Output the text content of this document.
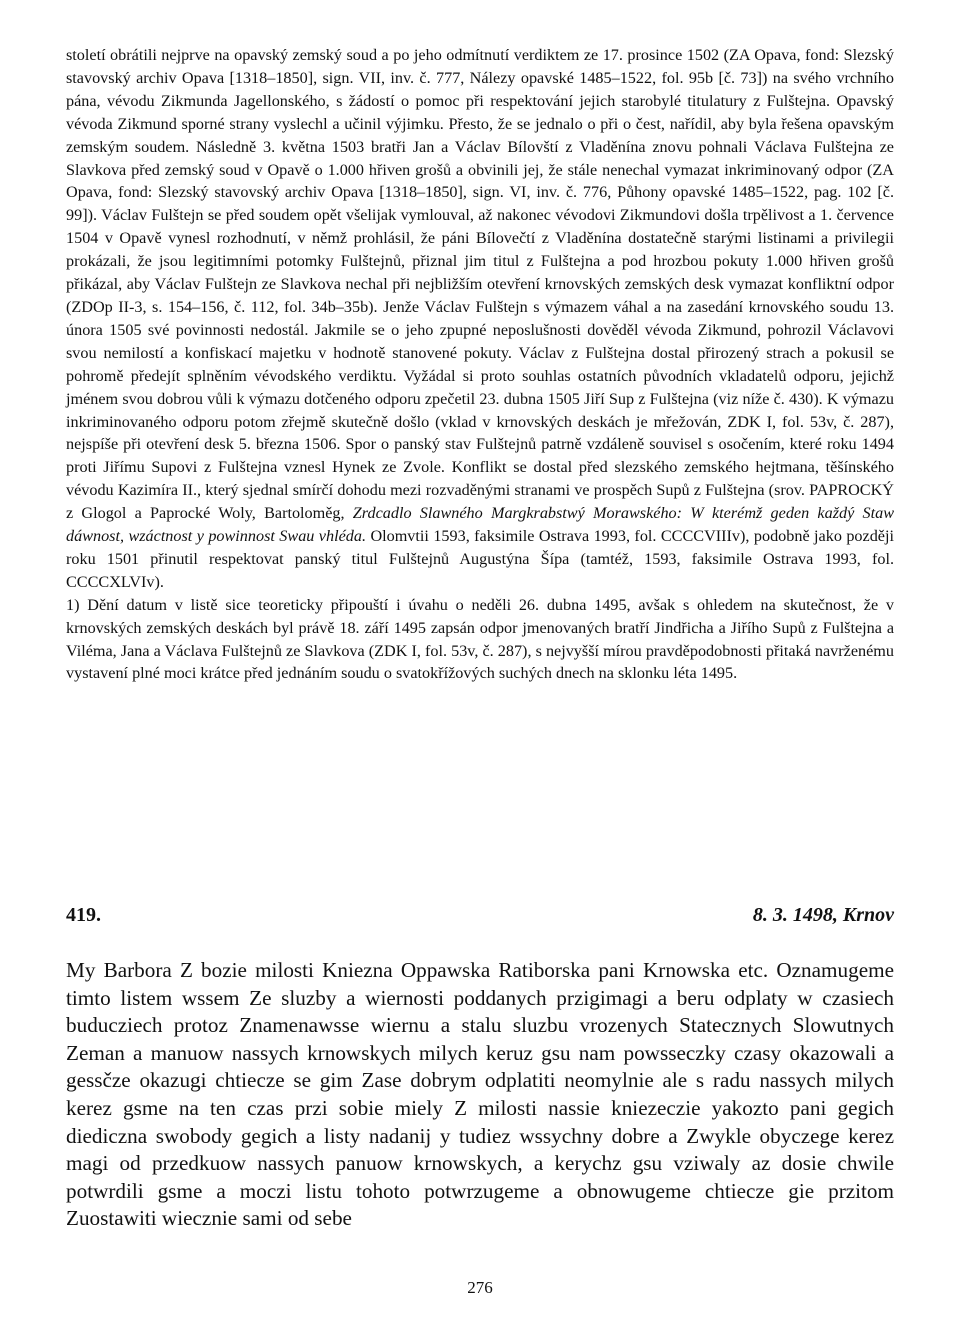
století obrátili nejprve na opavský zemský soud a po jeho odmítnutí verdiktem ze 17. prosince 1502 (ZA Opava, fond: Slezský stavovský archiv Opava [1318–1850], sign. VII, inv. č. 777, Nálezy opavské 1485–1522, fol. 95b [č. 73]) na svého vrchního pána, vévodu Zikmunda Jagellonského, s žádostí o pomoc při respektování jejich starobylé titulatury z Fulštejna. Opavský vévoda Zikmund sporné strany vyslechl a učinil výjimku. Přesto, že se jednalo o při o čest, nařídil, aby byla řešena opavským zemským soudem. Následně 3. května 1503 bratři Jan a Václav Bílovští z Vladěnína znovu pohnali Václava Fulštejna ze Slavkova před zemský soud v Opavě o 1.000 hřiven grošů a obvinili jej, že stále nenechal vymazat inkriminovaný odpor (ZA Opava, fond: Slezský stavovský archiv Opava [1318–1850], sign. VI, inv. č. 776, Půhony opavské 1485–1522, pag. 102 [č. 99]). Václav Fulštejn se před soudem opět všelijak vymlouval, až nakonec vévodovi Zikmundovi došla trpělivost a 1. července 1504 v Opavě vynesl rozhodnutí, v němž prohlásil, že páni Bílovečtí z Vladěnína dostatečně starými listinami a privilegii prokázali, že jsou legitimními potomky Fulštejnů, přiznal jim titul z Fulštejna a pod hrozbou pokuty 1.000 hřiven grošů přikázal, aby Václav Fulštejn ze Slavkova nechal při nejbližším otevření krnovských zemských desk vymazat konfliktní odpor (ZDOp II-3, s. 154–156, č. 112, fol. 34b–35b). Jenže Václav Fulštejn s výmazem váhal a na zasedání krnovského soudu 13. února 1505 své povinnosti nedostál. Jakmile se o jeho zpupné neposlušnosti dověděl vévoda Zikmund, pohrozil Václavovi svou nemilostí a konfiskací majetku v hodnotě stanovené pokuty. Václav z Fulštejna dostal přirozený strach a pokusil se pohromě předejít splněním vévodského verdiktu. Vyžádal si proto souhlas ostatních původních vkladatelů odporu, jejichž jménem svou dobrou vůli k výmazu dotčeného odporu zpečetil 23. dubna 1505 Jiří Sup z Fulštejna (viz níže č. 430). K výmazu inkriminovaného odporu potom zřejmě skutečně došlo (vklad v krnovských deskách je mřežován, ZDK I, fol. 53v, č. 287), nejspíše při otevření desk 5. března 1506. Spor o panský stav Fulštejnů patrně vzdáleně souvisel s osočením, které roku 1494 proti Jiřímu Supovi z Fulštejna vznesl Hynek ze Zvole. Konflikt se dostal před slezského zemského hejtmana, těšínského vévodu Kazimíra II., který sjednal smírčí dohodu mezi rozvaděnými stranami ve prospěch Supů z Fulštejna (srov. PAPROCKÝ z Glogol a Paprocké Woly, Bartoloměg, Zrdcadlo Slawného Margkrabstwý Morawského: W kterémž geden každý Staw dáwnost, wzáctnost y powinnost Swau vhléda. Olomvtii 1593, faksimile Ostrava 1993, fol. CCCCVIIIv), podobně jako později roku 1501 přinutil respektovat panský titul Fulštejnů Augustýna Šípa (tamtéž, 1593, faksimile Ostrava 1993, fol. CCCCXLVIv).

1) Dění datum v listě sice teoreticky připouští i úvahu o neděli 26. dubna 1495, avšak s ohledem na skutečnost, že v krnovských zemských deskách byl právě 18. září 1495 zapsán odpor jmenovaných bratří Jindřicha a Jiřího Supů z Fulštejna a Viléma, Jana a Václava Fulštejnů ze Slavkova (ZDK I, fol. 53v, č. 287), s nejvyšší mírou pravděpodobnosti přitaká navrženému vystavení plné moci krátce před jednáním soudu o svatokřížových suchých dnech na sklonku léta 1495.

419.	8. 3. 1498, Krnov
My Barbora Z bozie milosti Kniezna Oppawska Ratiborska pani Krnowska etc. Oznamugeme timto listem wssem Ze sluzby a wiernosti poddanych przigimagi a beru odplaty w czasiech buducziech protoz Znamenawsse wiernu a stalu sluzbu vrozenych Statecznych Slowutnych Zeman a manuow nassych krnowskych milych keruz gsu nam powsseczky czasy okazowali a gessčze okazugi chtiecze se gim Zase dobrym odplatiti neomylnie ale s radu nassych milych kerez gsme na ten czas przi sobie miely Z milosti nassie kniezeczie yakozto pani gegich diediczna swobody gegich a listy nadanij y tudiez wssychny dobre a Zwykle obyczege kerez magi od przedkuow nassych panuow krnowskych, a kerychz gsu vziwaly az dosie chwile potwrdili gsme a moczi listu tohoto potwrzugeme a obnowugeme chtiecze gie przitom Zuostawiti wiecznie sami od sebe
276
